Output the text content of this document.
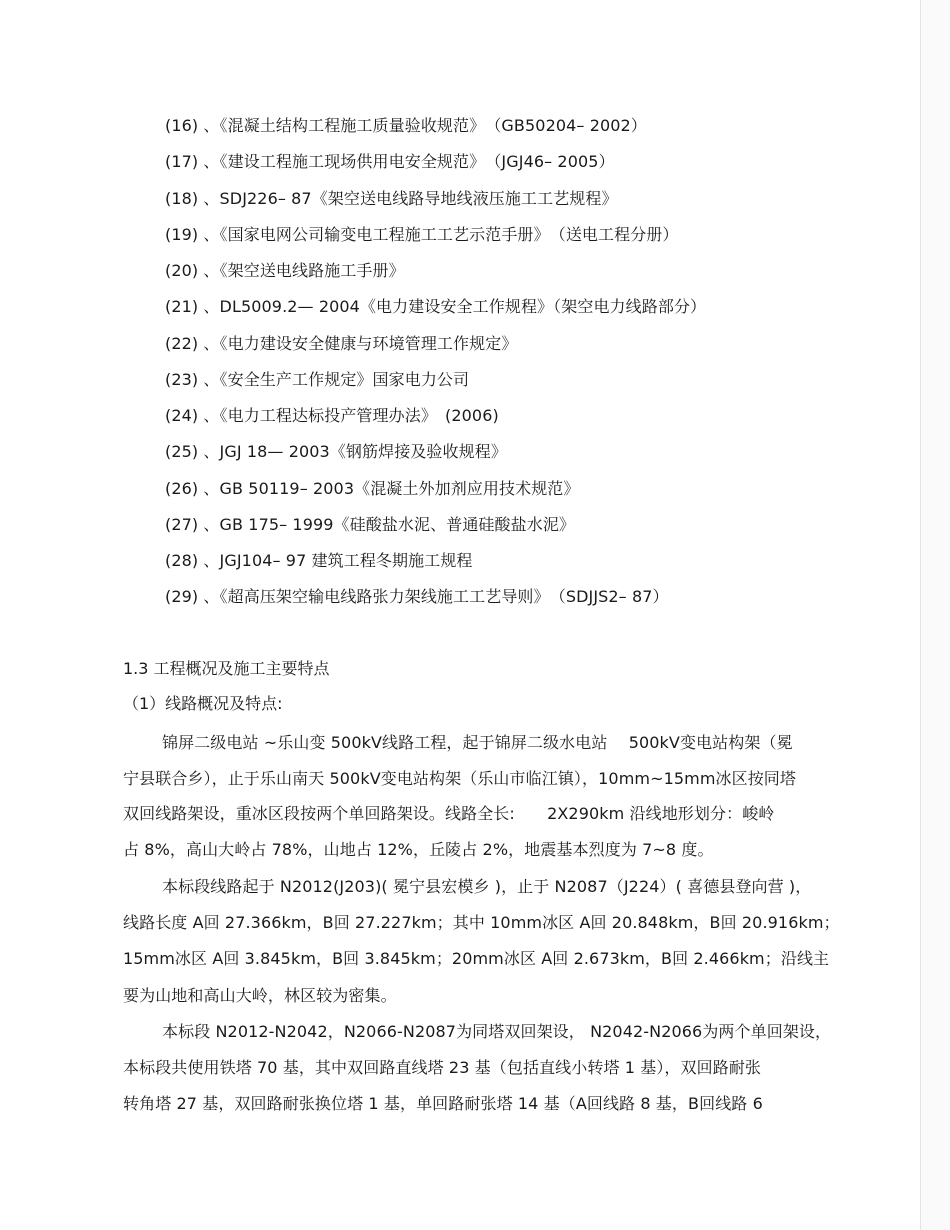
(16) 、《混凝土结构工程施工质量验收规范》　（GB50204– 2002）
(17) 、《建设工程施工现场供用电安全规范》　（JGJ46– 2005）
(18) 、SDJ226– 87《架空送电线路导地线液压施工工艺规程》
(19) 、《国家电网公司输变电工程施工工艺示范手册》　（送电工程分册）
(20) 、《架空送电线路施工手册》
(21) 、DL5009.2— 2004《电力建设安全工作规程》（架空电力线路部分）
(22) 、《电力建设安全健康与环境管理工作规定》
(23) 、《安全生产工作规定》国家电力公司
(24) 、《电力工程达标投产管理办法》　(2006)
(25) 、JGJ 18— 2003《钢筋焊接及验收规程》
(26) 、GB 50119– 2003《混凝土外加剂应用技术规范》
(27) 、GB 175– 1999《硅酸盐水泥、普通硅酸盐水泥》
(28) 、JGJ104– 97 建筑工程冬期施工规程
(29) 、《超高压架空输电线路张力架线施工工艺导则》　（SDJJS2– 87）
1.3 工程概况及施工主要特点
（1）线路概况及特点:
锦屏二级电站 ~乐山变 500kV线路工程，起于锦屏二级水电站　 500kV变电站构架（冕
宁县联合乡），止于乐山南天 500kV变电站构架（乐山市临江镇），10mm~15mm冰区按同塔
双回线路架设，重冰区段按两个单回路架设。线路全长:　　2X290km 沿线地形划分：峻岭
占 8%，高山大岭占 78%，山地占 12%，丘陵占 2%，地震基本烈度为 7~8 度。
本标段线路起于 N2012(J203)( 冕宁县宏模乡 )，止于 N2087（J224）( 喜德县登向营 )，
线路长度 A回 27.366km，B回 27.227km；其中 10mm冰区 A回 20.848km，B回 20.916km；
15mm冰区 A回 3.845km，B回 3.845km；20mm冰区 A回 2.673km，B回 2.466km；沿线主
要为山地和高山大岭，林区较为密集。
本标段 N2012-N2042，N2066-N2087为同塔双回架设， N2042-N2066为两个单回架设，
本标段共使用铁塔 70 基，其中双回路直线塔 23 基（包括直线小转塔 1 基），双回路耐张
转角塔 27 基，双回路耐张换位塔 1 基，单回路耐张塔 14 基（A回线路 8 基，B回线路 6
